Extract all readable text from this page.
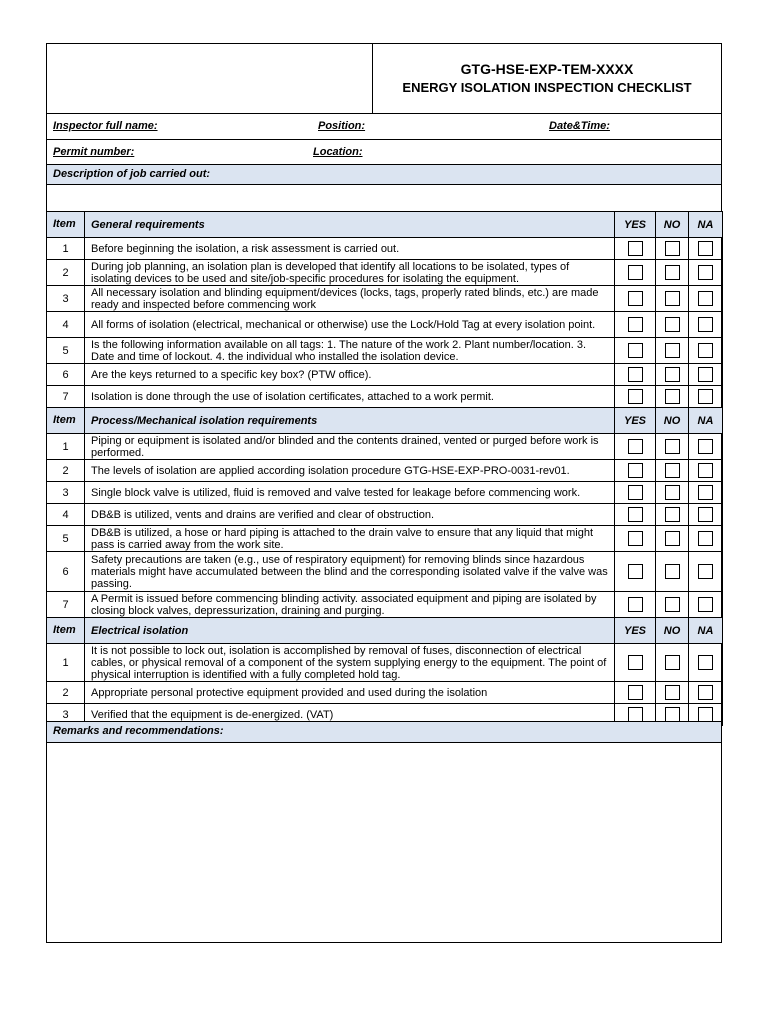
GTG-HSE-EXP-TEM-XXXX
ENERGY ISOLATION INSPECTION CHECKLIST
Inspector full name:	Position:	Date&Time:
Permit number:	Location:
Description of job carried out:
Item	General requirements	YES	NO	NA
1	Before beginning the isolation, a risk assessment is carried out.			
2	During job planning, an isolation plan is developed that identify all locations to be isolated, types of isolating devices to be used and site/job-specific procedures for isolating the equipment.			
3	All necessary isolation and blinding equipment/devices (locks, tags, properly rated blinds, etc.) are made ready and inspected before commencing work			
4	All forms of isolation (electrical, mechanical or otherwise) use the Lock/Hold Tag at every isolation point.			
5	Is the following information available on all tags: 1. The nature of the work 2. Plant number/location. 3. Date and time of lockout. 4. the individual who installed the isolation device.			
6	Are the keys returned to a specific key box? (PTW office).			
7	Isolation is done through the use of isolation certificates, attached to a work permit.			
Item	Process/Mechanical isolation requirements	YES	NO	NA
1	Piping or equipment is isolated and/or blinded and the contents drained, vented or purged before work is performed.			
2	The levels of isolation are applied according isolation procedure GTG-HSE-EXP-PRO-0031-rev01.			
3	Single block valve is utilized, fluid is removed and valve tested for leakage before commencing work.			
4	DB&B is utilized, vents and drains are verified and clear of obstruction.			
5	DB&B is utilized, a hose or hard piping is attached to the drain valve to ensure that any liquid that might pass is carried away from the work site.			
6	Safety precautions are taken (e.g., use of respiratory equipment) for removing blinds since hazardous materials might have accumulated between the blind and the corresponding isolated valve if the valve was passing.			
7	A Permit is issued before commencing blinding activity. associated equipment and piping are isolated by closing block valves, depressurization, draining and purging.			
Item	Electrical isolation	YES	NO	NA
1	It is not possible to lock out, isolation is accomplished by removal of fuses, disconnection of electrical cables, or physical removal of a component of the system supplying energy to the equipment. The point of physical interruption is identified with a fully completed hold tag.			
2	Appropriate personal protective equipment provided and used during the isolation			
3	Verified that the equipment is de-energized. (VAT)			
Remarks and recommendations:
